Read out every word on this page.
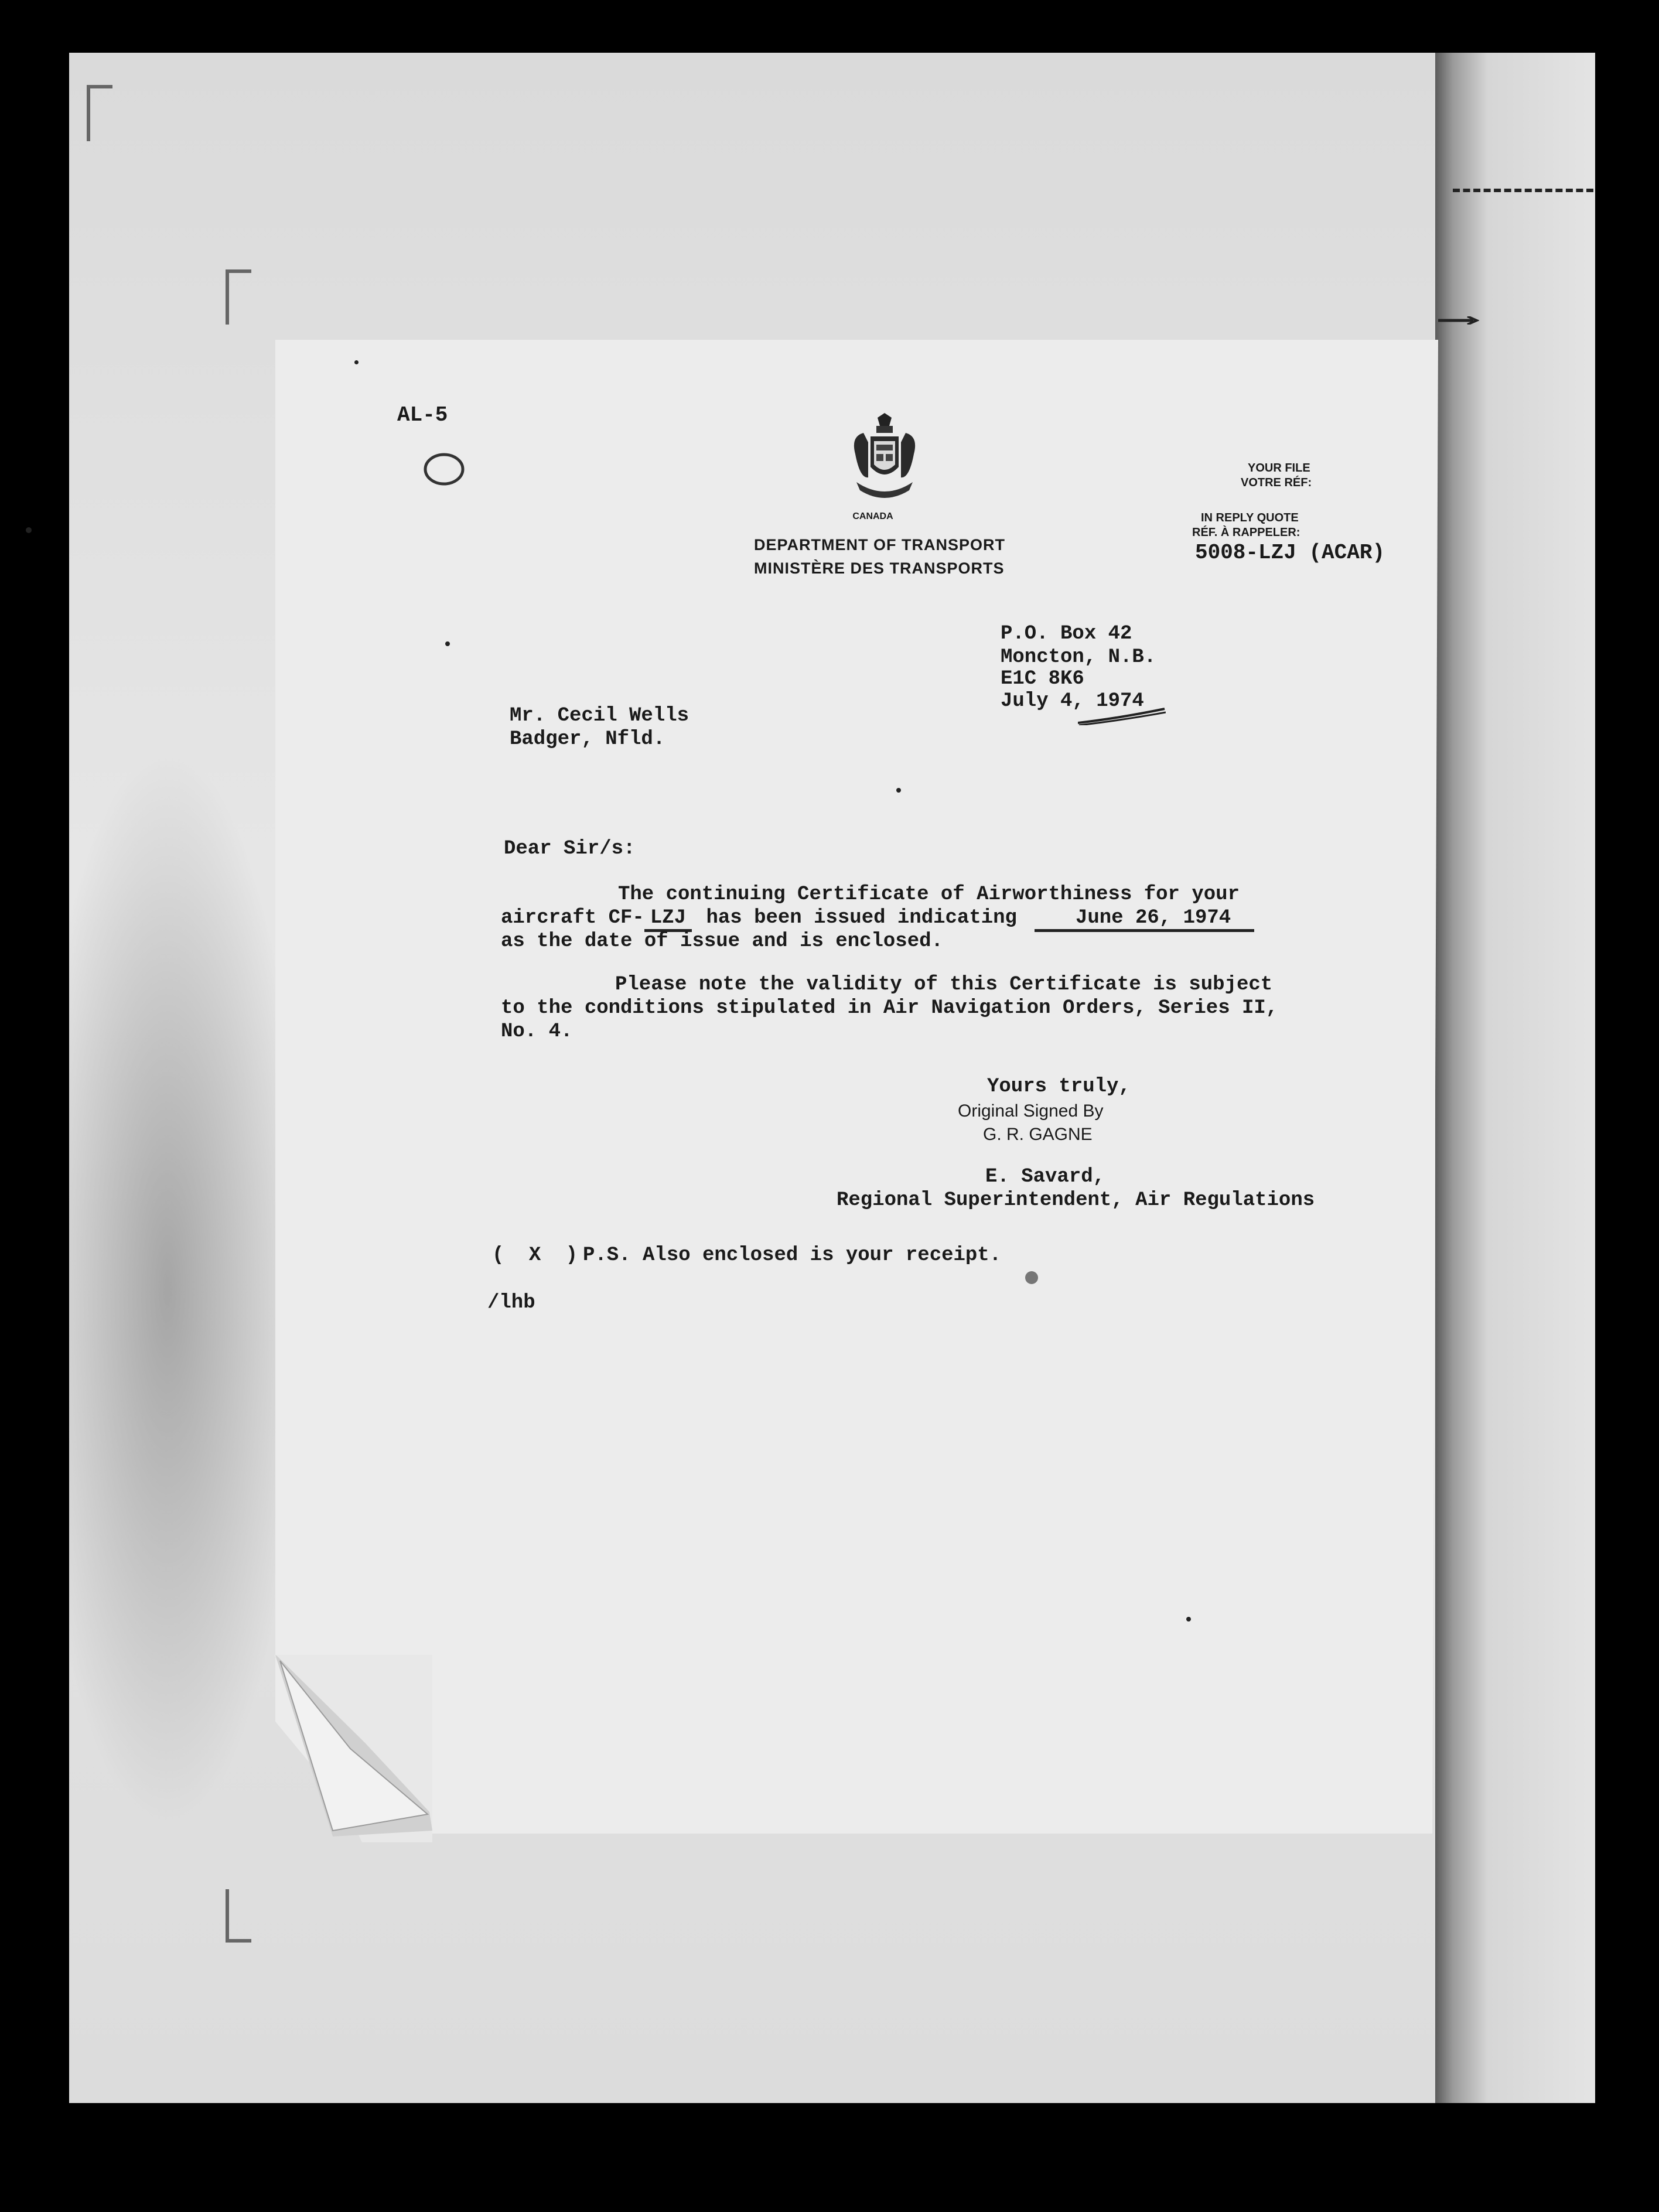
AL-5
CANADA
DEPARTMENT OF TRANSPORT
MINISTÈRE DES TRANSPORTS
YOUR FILE
VOTRE RÉF:
IN REPLY QUOTE
RÉF. À RAPPELER:
5008-LZJ (ACAR)
P.O. Box 42
Moncton, N.B.
E1C 8K6
July 4, 1974
Mr. Cecil Wells
Badger, Nfld.
Dear Sir/s:
The continuing Certificate of Airworthiness for your
aircraft CF- LZJ has been issued indicating	June 26, 1974
as the date of issue and is enclosed.
Please note the validity of this Certificate is subject
to the conditions stipulated in Air Navigation Orders, Series II,
No. 4.
Yours truly,
Original Signed By
G. R. GAGNE
E. Savard,
Regional Superintendent, Air Regulations
( X ) P.S. Also enclosed is your receipt.
/lhb
